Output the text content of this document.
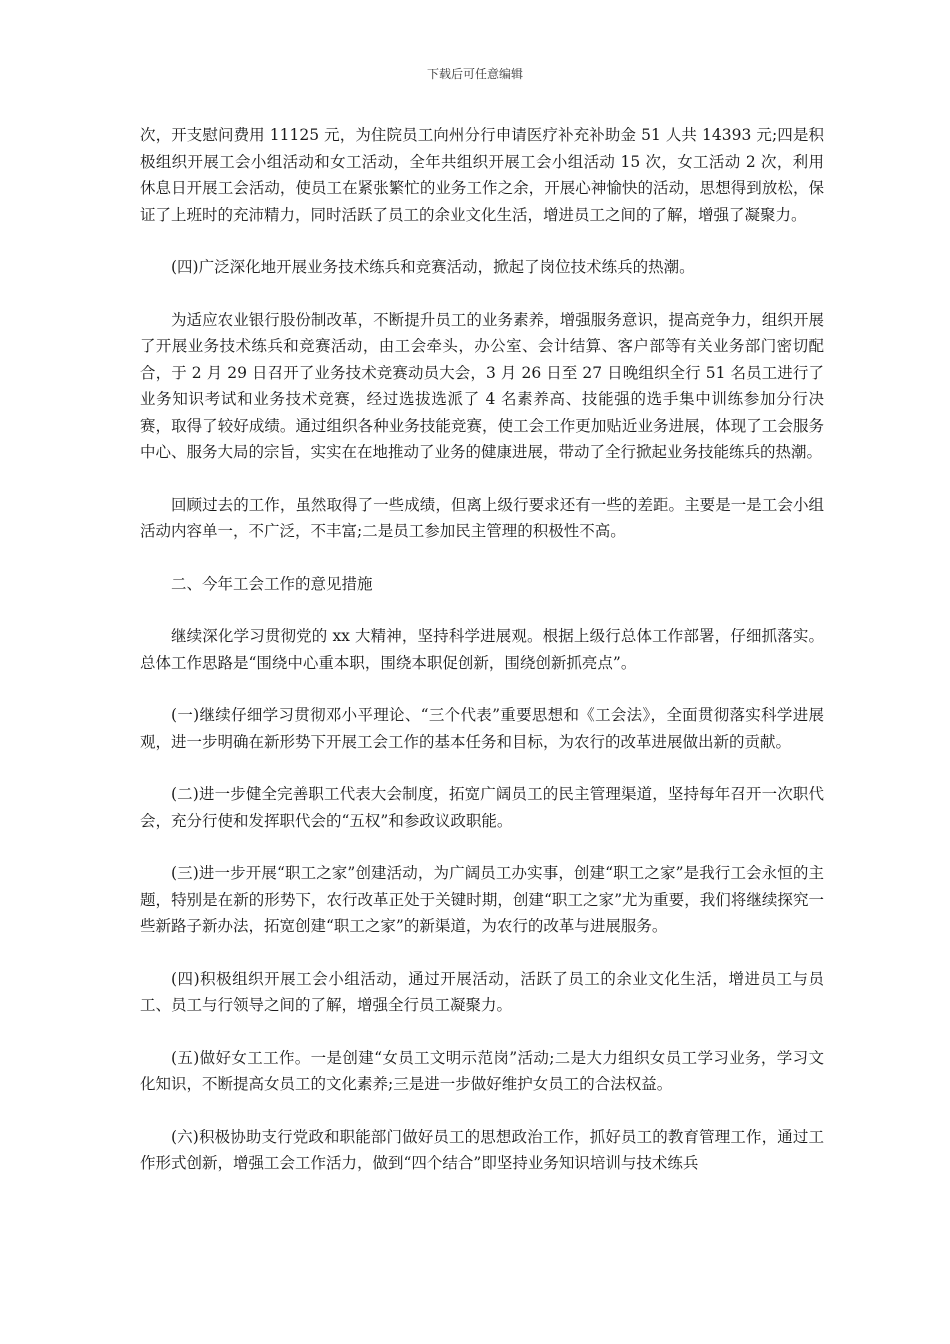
下载后可任意编辑

次，开支慰问费用 11125 元，为住院员工向州分行申请医疗补充补助金 51 人共 14393 元;四是积极组织开展工会小组活动和女工活动，全年共组织开展工会小组活动 15 次，女工活动 2 次，利用休息日开展工会活动，使员工在紧张繁忙的业务工作之余，开展心神愉快的活动，思想得到放松，保证了上班时的充沛精力，同时活跃了员工的余业文化生活，增进员工之间的了解，增强了凝聚力。

(四)广泛深化地开展业务技术练兵和竞赛活动，掀起了岗位技术练兵的热潮。

为适应农业银行股份制改革，不断提升员工的业务素养，增强服务意识，提高竞争力，组织开展了开展业务技术练兵和竞赛活动，由工会牵头，办公室、会计结算、客户部等有关业务部门密切配合，于 2 月 29 日召开了业务技术竞赛动员大会，3 月 26 日至 27 日晚组织全行 51 名员工进行了业务知识考试和业务技术竞赛，经过选拔选派了 4 名素养高、技能强的选手集中训练参加分行决赛，取得了较好成绩。通过组织各种业务技能竞赛，使工会工作更加贴近业务进展，体现了工会服务中心、服务大局的宗旨，实实在在地推动了业务的健康进展，带动了全行掀起业务技能练兵的热潮。

回顾过去的工作，虽然取得了一些成绩，但离上级行要求还有一些的差距。主要是一是工会小组活动内容单一，不广泛，不丰富;二是员工参加民主管理的积极性不高。

二、今年工会工作的意见措施

继续深化学习贯彻党的 xx 大精神，坚持科学进展观。根据上级行总体工作部署，仔细抓落实。总体工作思路是“围绕中心重本职，围绕本职促创新，围绕创新抓亮点”。

(一)继续仔细学习贯彻邓小平理论、“三个代表”重要思想和《工会法》，全面贯彻落实科学进展观，进一步明确在新形势下开展工会工作的基本任务和目标，为农行的改革进展做出新的贡献。

(二)进一步健全完善职工代表大会制度，拓宽广阔员工的民主管理渠道，坚持每年召开一次职代会，充分行使和发挥职代会的“五权”和参政议政职能。

(三)进一步开展“职工之家”创建活动，为广阔员工办实事，创建“职工之家”是我行工会永恒的主题，特别是在新的形势下，农行改革正处于关键时期，创建“职工之家”尤为重要，我们将继续探究一些新路子新办法，拓宽创建“职工之家”的新渠道，为农行的改革与进展服务。

(四)积极组织开展工会小组活动，通过开展活动，活跃了员工的余业文化生活，增进员工与员工、员工与行领导之间的了解，增强全行员工凝聚力。

(五)做好女工工作。一是创建“女员工文明示范岗”活动;二是大力组织女员工学习业务，学习文化知识，不断提高女员工的文化素养;三是进一步做好维护女员工的合法权益。

(六)积极协助支行党政和职能部门做好员工的思想政治工作，抓好员工的教育管理工作，通过工作形式创新，增强工会工作活力，做到“四个结合”即坚持业务知识培训与技术练兵
